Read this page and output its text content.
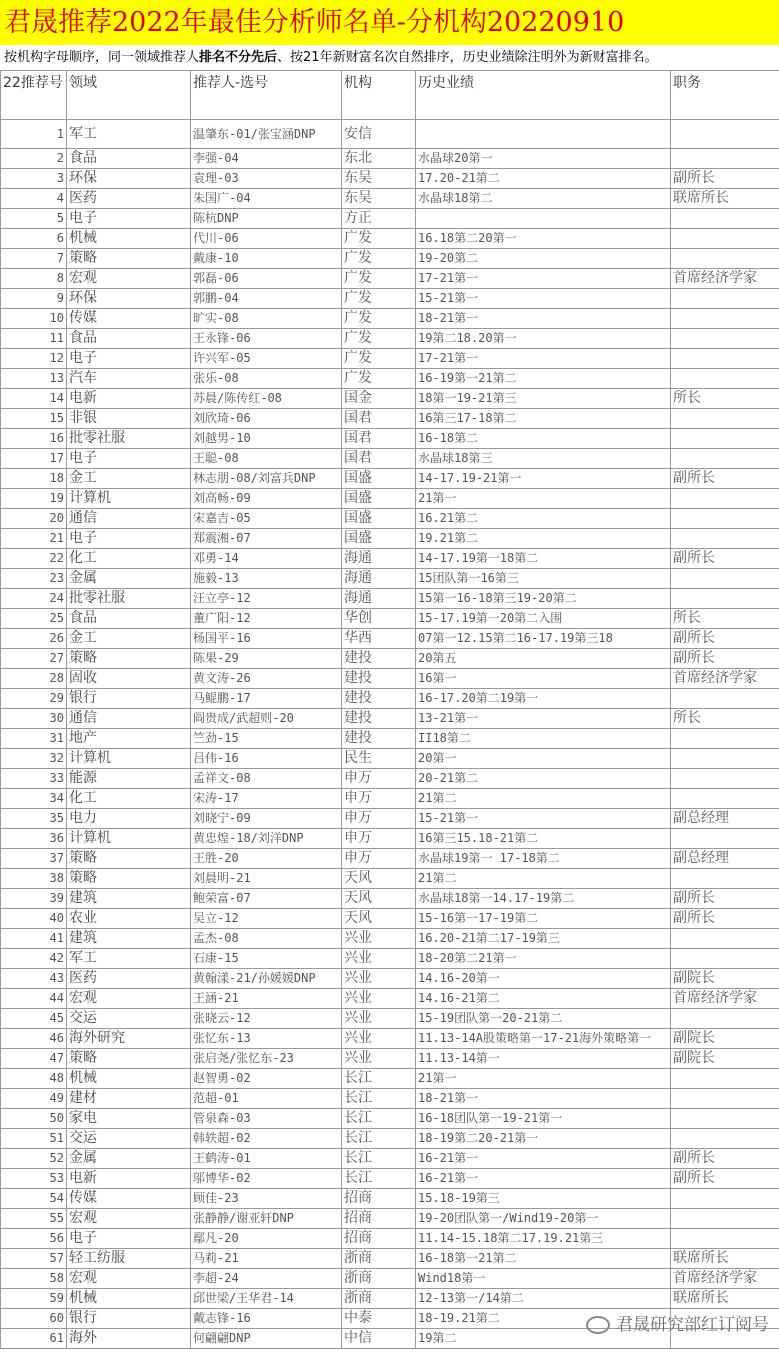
君晟推荐2022年最佳分析师名单-分机构20220910
按机构字母顺序，同一领域推荐人排名不分先后、按21年新财富名次自然排序，历史业绩除注明外为新财富排名。
22推荐号	领域	推荐人-选号	机构	历史业绩	职务
1	军工	温肇东-01/张宝涵DNP	安信		
2	食品	李强-04	东北	水晶球20第一	
3	环保	袁理-03	东吴	17.20-21第二	副所长
4	医药	朱国广-04	东吴	水晶球18第二	联席所长
5	电子	陈杭DNP	方正		
6	机械	代川-06	广发	16.18第二20第一	
7	策略	戴康-10	广发	19-20第二	
8	宏观	郭磊-06	广发	17-21第一	首席经济学家
9	环保	郭鹏-04	广发	15-21第一	
10	传媒	旷实-08	广发	18-21第一	
11	食品	王永锋-06	广发	19第二18.20第一	
12	电子	许兴军-05	广发	17-21第一	
13	汽车	张乐-08	广发	16-19第一21第二	
14	电新	苏晨/陈传红-08	国金	18第一19-21第三	所长
15	非银	刘欣琦-06	国君	16第三17-18第二	
16	批零社服	刘越男-10	国君	16-18第二	
17	电子	王聪-08	国君	水晶球18第三	
18	金工	林志朋-08/刘富兵DNP	国盛	14-17.19-21第一	副所长
19	计算机	刘高畅-09	国盛	21第一	
20	通信	宋嘉吉-05	国盛	16.21第二	
21	电子	郑震湘-07	国盛	19.21第二	
22	化工	邓勇-14	海通	14-17.19第一18第二	副所长
23	金属	施毅-13	海通	15团队第一16第三	
24	批零社服	汪立亭-12	海通	15第一16-18第三19-20第二	
25	食品	董广阳-12	华创	15-17.19第一20第二入围	所长
26	金工	杨国平-16	华西	07第一12.15第二16-17.19第三18	副所长
27	策略	陈果-29	建投	20第五	副所长
28	固收	黄文涛-26	建投	16第一	首席经济学家
29	银行	马鲲鹏-17	建投	16-17.20第二19第一	
30	通信	阎贵成/武超则-20	建投	13-21第一	所长
31	地产	竺劲-15	建投	II18第二	
32	计算机	吕伟-16	民生	20第一	
33	能源	孟祥文-08	申万	20-21第二	
34	化工	宋涛-17	申万	21第二	
35	电力	刘晓宁-09	申万	15-21第一	副总经理
36	计算机	黄忠煌-18/刘洋DNP	申万	16第三15.18-21第二	
37	策略	王胜-20	申万	水晶球19第一 17-18第二	副总经理
38	策略	刘晨明-21	天风	21第二	
39	建筑	鲍荣富-07	天风	水晶球18第一14.17-19第二	副所长
40	农业	吴立-12	天风	15-16第一17-19第二	副所长
41	建筑	孟杰-08	兴业	16.20-21第二17-19第三	
42	军工	石康-15	兴业	18-20第二21第一	
43	医药	黄翰漾-21/孙媛媛DNP	兴业	14.16-20第一	副院长
44	宏观	王涵-21	兴业	14.16-21第二	首席经济学家
45	交运	张晓云-12	兴业	15-19团队第一20-21第二	
46	海外研究	张忆东-13	兴业	11.13-14A股策略第一17-21海外策略第一	副院长
47	策略	张启尧/张忆东-23	兴业	11.13-14第一	副院长
48	机械	赵智勇-02	长江	21第一	
49	建材	范超-01	长江	18-21第一	
50	家电	管泉森-03	长江	16-18团队第一19-21第一	
51	交运	韩轶超-02	长江	18-19第二20-21第一	
52	金属	王鹤涛-01	长江	16-21第一	副所长
53	电新	邬博华-02	长江	16-21第一	副所长
54	传媒	顾佳-23	招商	15.18-19第三	
55	宏观	张静静/谢亚轩DNP	招商	19-20团队第一/Wind19-20第一	
56	电子	鄢凡-20	招商	11.14-15.18第二17.19.21第三	
57	轻工纺服	马莉-21	浙商	16-18第一21第二	联席所长
58	宏观	李超-24	浙商	Wind18第一	首席经济学家
59	机械	邱世梁/王华君-14	浙商	12-13第一/14第二	联席所长
60	银行	戴志锋-16	中泰	18-19.21第二	
61	海外	何翩翩DNP	中信	19第二	
君晟研究部红订阅号
